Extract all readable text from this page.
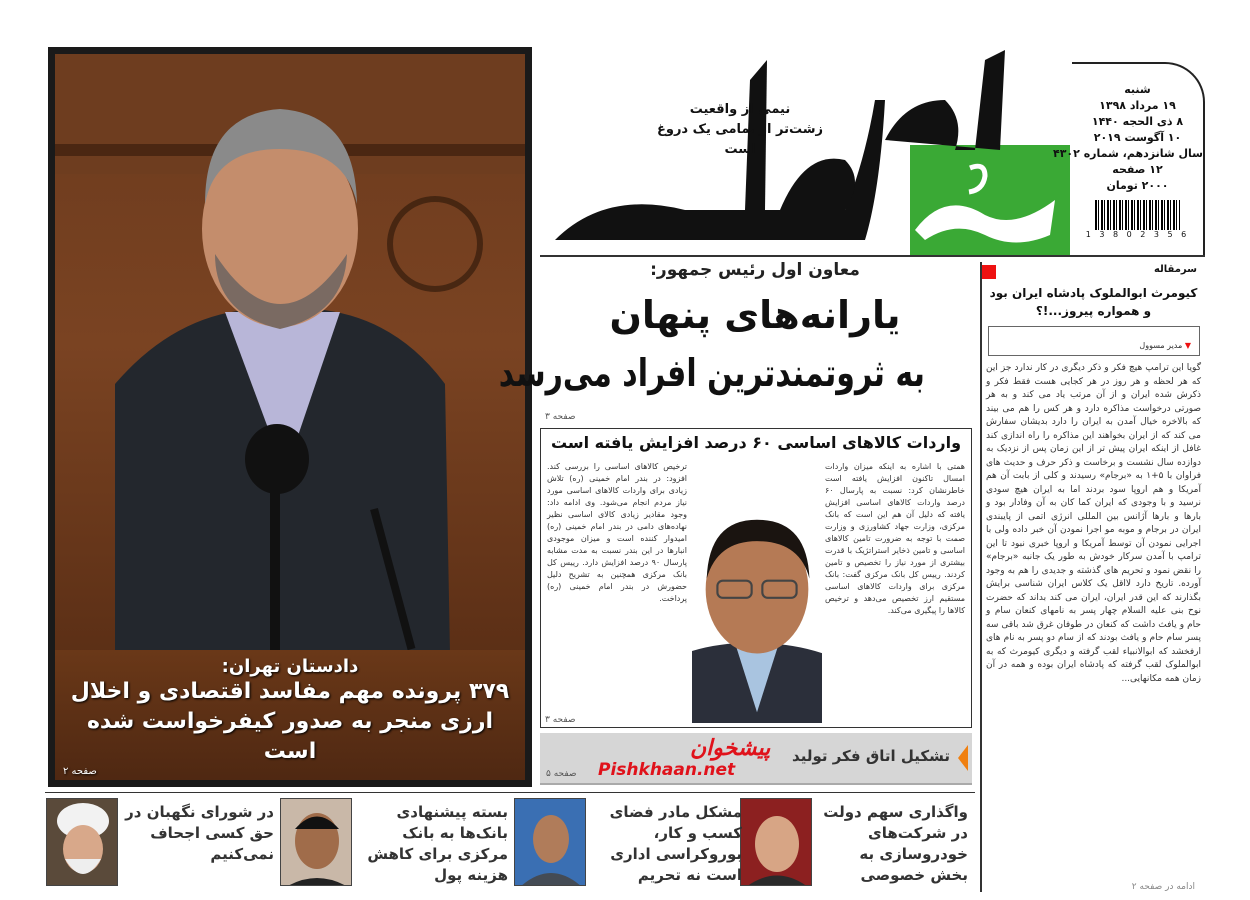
دادستان تهران:
۳۷۹ پرونده مهم مفاسد اقتصادی و اخلال ارزی منجر به صدور کیفرخواست شده است
صفحه ۲
نیمی از واقعیت
زشت‌تر از تمامی یک دروغ است
شنبه
۱۹ مرداد ۱۳۹۸
۸ ذی الحجه ۱۴۴۰
۱۰ آگوست ۲۰۱۹
سال شانزدهم، شماره ۴۳۰۲
۱۲ صفحه
۲۰۰۰ تومان
1 3 8 0 2 3 5 6
معاون اول رئیس جمهور:
یارانه‌های پنهان
به ثروتمندترین افراد می‌رسد
صفحه ۳
واردات کالاهای اساسی ۶۰ درصد افزایش یافته است
همتی با اشاره به اینکه میزان واردات امسال تاکنون افزایش یافته است خاطرنشان کرد: نسبت به پارسال ۶۰ درصد واردات کالاهای اساسی افزایش یافته که دلیل آن هم این است که بانک مرکزی، وزارت جهاد کشاورزی و وزارت صمت با توجه به ضرورت تامین کالاهای اساسی و تامین ذخایر استراتژیک با قدرت بیشتری از مورد نیاز را تخصیص و تامین کردند. رییس کل بانک مرکزی گفت: بانک مرکزی برای واردات کالاهای اساسی مستقیم ارز تخصیص می‌دهد و ترخیص کالاها را پیگیری می‌کند.
ترخیص کالاهای اساسی را بررسی کند. افزود: در بندر امام خمینی (ره) تلاش زیادی برای واردات کالاهای اساسی مورد نیاز مردم انجام می‌شود. وی ادامه داد: وجود مقادیر زیادی کالای اساسی نظیر نهاده‌های دامی در بندر امام خمینی (ره) امیدوار کننده است و میزان موجودی انبارها در این بندر نسبت به مدت مشابه پارسال ۹۰ درصد افزایش دارد. رییس کل بانک مرکزی همچنین به تشریح دلیل حضورش در بندر امام خمینی (ره) پرداخت.
صفحه ۳
تشکیل اتاق فکر تولید
صفحه ۵
سرمقاله
کیومرث ابوالملوک پادشاه ایران بود و همواره پیروز...!؟
▼ مدیر مسوول
گویا این ترامپ هیچ فکر و ذکر دیگری در کار ندارد جز این که هر لحظه و هر روز در هر کجایی هست فقط فکر و ذکرش شده ایران و از آن مرتب یاد می کند و به هر صورتی درخواست مذاکره دارد و هر کس را هم می بیند که بالاخره خیال آمدن به ایران را دارد بدیشان سفارش می کند که از ایران بخواهند این مذاکره را راه اندازی کند غافل از اینکه ایران پیش تر از این زمان پس از نزدیک به دوازده سال نشست و برخاست و ذکر حرف و حدیث های فراوان با ۵+۱ به «برجام» رسیدند و کلی از بابت آن هم آمریکا و هم اروپا سود بردند اما به ایران هیچ سودی نرسید و با وجودی که ایران کما کان به آن وفادار بود و بارها و بارها آژانس بین المللی انرژی اتمی از پایبندی ایران در برجام و موبه مو اجرا نمودن آن خبر داده ولی با اجرایی نمودن آن توسط آمریکا و اروپا خبری نبود تا این ترامپ با آمدن سرکار خودش به طور یک جانبه «برجام» را نقض نمود و تحریم های گذشته و جدیدی را هم به وجود آورده. تاریخ دارد لااقل یک کلاس ایران شناسی برایش بگذارند که این قدر ایران، ایران می کند بداند که حضرت نوح بنی علیه السلام چهار پسر به نامهای کنعان سام و حام و یافث داشت که کنعان در طوفان غرق شد باقی سه پسر سام حام و یافث بودند که از سام دو پسر به نام های ارفخشد که ابوالانبیاء لقب گرفته و دیگری کیومرث که به ابوالملوک لقب گرفته که پادشاه ایران بوده و همه در آن زمان همه مکانهایی...
ادامه در صفحه ۲
واگذاری سهم دولت در شرکت‌های خودروسازی به بخش خصوصی
مشکل مادر فضای کسب و کار، بوروکراسی اداری است نه تحریم
بسته پیشنهادی بانک‌ها به بانک مرکزی برای کاهش هزینه پول
در شورای نگهبان در حق کسی اجحاف نمی‌کنیم
پیشخوان
Pishkhaan.net
